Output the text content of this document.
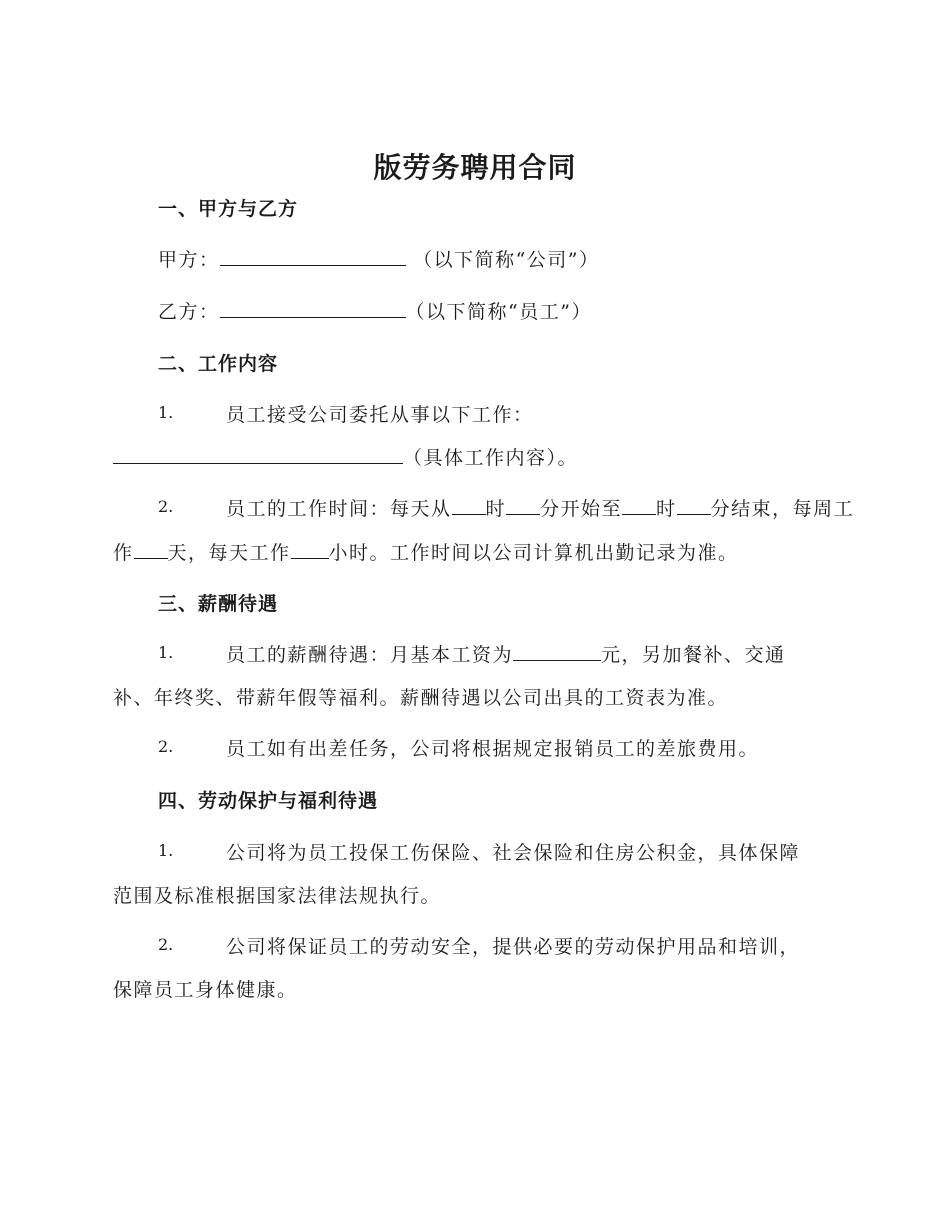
版劳务聘用合同
一、甲方与乙方
甲方：	（以下简称“公司”）
乙方：	（以下简称“员工”）
二、工作内容
1.	员工接受公司委托从事以下工作：
（具体工作内容）。
2.	员工的工作时间：每天从 时 分开始至 时 分结束，每周工
作 天，每天工作 小时。工作时间以公司计算机出勤记录为准。
三、薪酬待遇
1.	员工的薪酬待遇：月基本工资为	元，另加餐补、交通
补、年终奖、带薪年假等福利。薪酬待遇以公司出具的工资表为准。
2.	员工如有出差任务，公司将根据规定报销员工的差旅费用。
四、劳动保护与福利待遇
1.	公司将为员工投保工伤保险、社会保险和住房公积金，具体保障
范围及标准根据国家法律法规执行。
2.	公司将保证员工的劳动安全，提供必要的劳动保护用品和培训，
保障员工身体健康。
